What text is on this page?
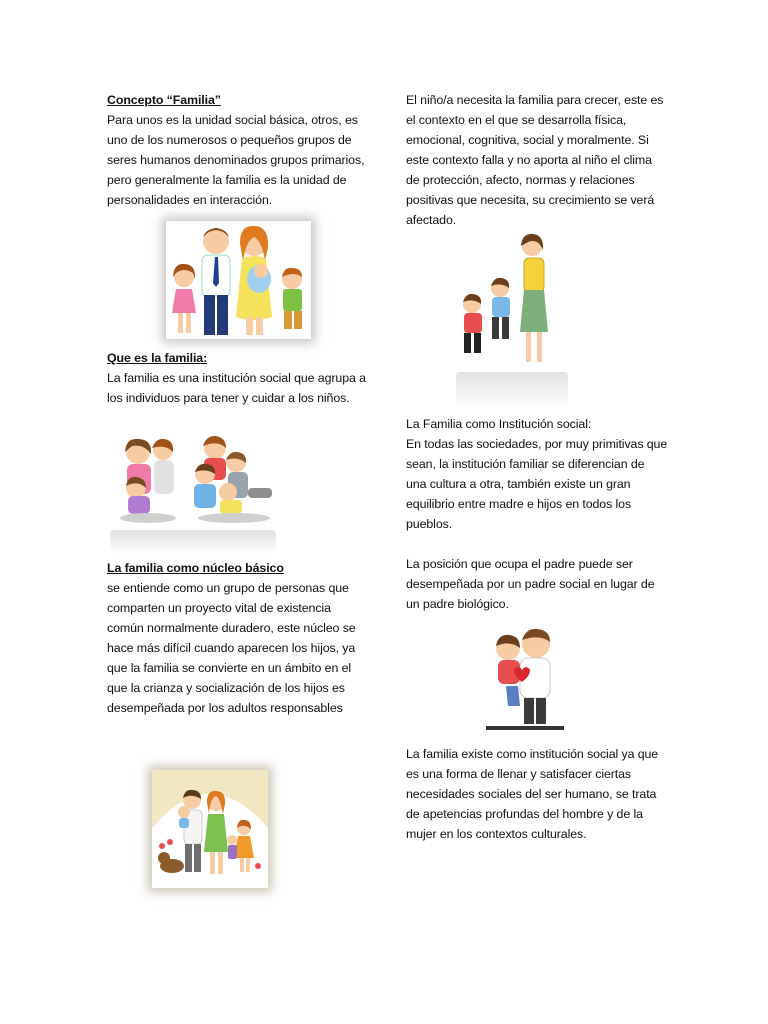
Concepto “Familia”

Para unos es la unidad social básica, otros, es uno de los numerosos o pequeños grupos de seres humanos denominados grupos primarios, pero generalmente la familia es la unidad de personalidades en interacción.

Que es la familia:

La familia es una institución social que agrupa a los individuos para tener y cuidar a los niños.

La familia como núcleo básico

se entiende como un grupo de personas que comparten un proyecto vital de existencia común normalmente duradero, este núcleo se hace más difícil cuando aparecen los hijos, ya que la familia se convierte en un ámbito en el que la crianza y socialización de los hijos es desempeñada por los adultos responsables

El niño/a necesita la familia para crecer, este es el contexto en el que se desarrolla física, emocional, cognitiva, social y moralmente. Si este contexto falla y no aporta al niño el clima de protección, afecto, normas y relaciones positivas que necesita, su crecimiento se verá afectado.

La Familia como Institución social:

En todas las sociedades, por muy primitivas que sean, la institución familiar se diferencian de una cultura a otra, también existe un gran equilibrio entre madre e hijos en todos los pueblos.

La posición que ocupa el padre puede ser desempeñada por un padre social en lugar de un padre biológico.

La familia existe como institución social ya que es una forma de llenar y satisfacer ciertas necesidades sociales del ser humano, se trata de apetencias profundas del hombre y de la mujer en los contextos culturales.
